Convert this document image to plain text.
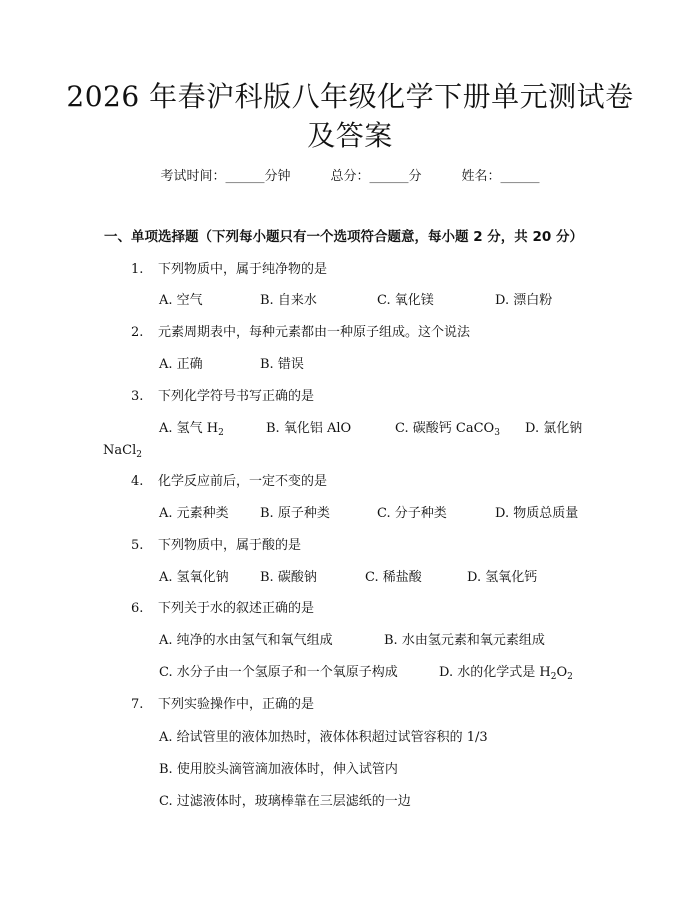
2026 年春沪科版八年级化学下册单元测试卷
及答案
考试时间：______分钟	总分：______分	姓名：______
一、单项选择题（下列每小题只有一个选项符合题意，每小题 2 分，共 20 分）
1. 下列物质中，属于纯净物的是
A. 空气	B. 自来水	C. 氧化镁	D. 漂白粉
2. 元素周期表中，每种元素都由一种原子组成。这个说法
A. 正确	B. 错误
3. 下列化学符号书写正确的是
A. 氢气 $H_2$	B. 氧化铝 AlO	C. 碳酸钙 CaCO$_3$ D. 氯化钠
NaCl$_2$
4. 化学反应前后，一定不变的是
A. 元素种类 B. 原子种类	C. 分子种类	D. 物质总质量
5. 下列物质中，属于酸的是
A. 氢氧化钠 B. 碳酸钠	C. 稀盐酸	D. 氢氧化钙
6. 下列关于水的叙述正确的是
A. 纯净的水由氢气和氧气组成	B. 水由氢元素和氧元素组成
C. 水分子由一个氢原子和一个氧原子构成	D. 水的化学式是 $H_2O_2$
7. 下列实验操作中，正确的是
A. 给试管里的液体加热时，液体体积超过试管容积的 1/3
B. 使用胶头滴管滴加液体时，伸入试管内
C. 过滤液体时，玻璃棒靠在三层滤纸的一边
